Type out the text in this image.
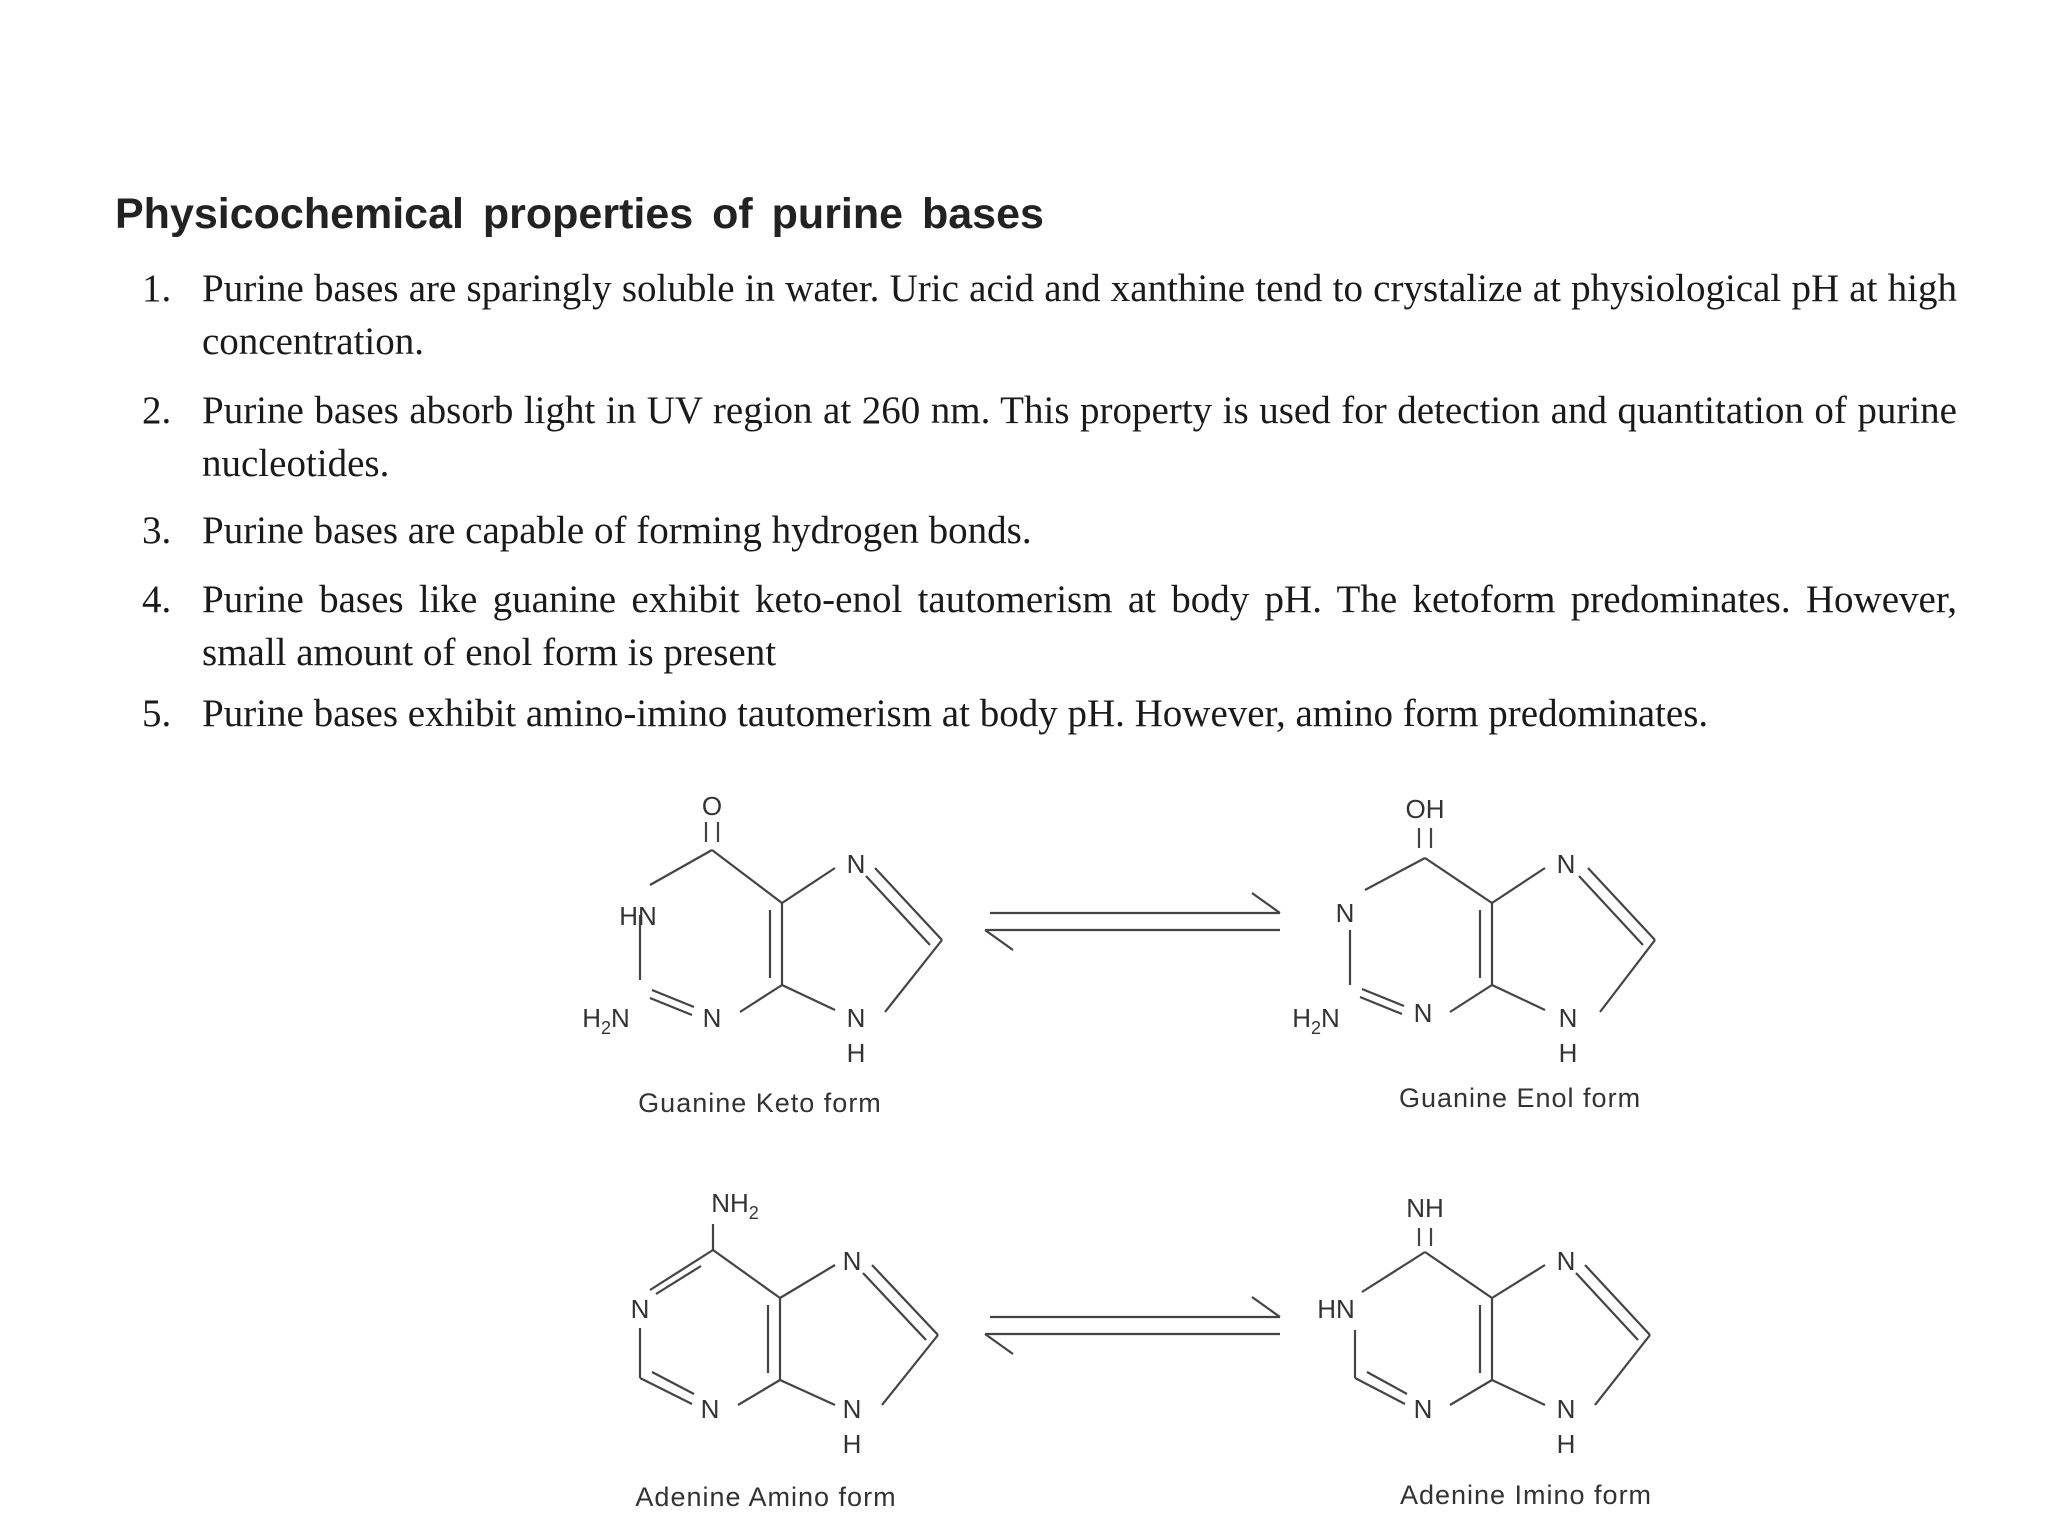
Physicochemical properties of purine bases
1. Purine bases are sparingly soluble in water. Uric acid and xanthine tend to crystalize at physiological pH at high concentration.
2. Purine bases absorb light in UV region at 260 nm. This property is used for detection and quantitation of purine nucleotides.
3. Purine bases are capable of forming hydrogen bonds.
4. Purine bases like guanine exhibit keto-enol tautomerism at body pH. The ketoform predominates. However, small amount of enol form is present
5. Purine bases exhibit amino-imino tautomerism at body pH. However, amino form predominates.
O
HN
N
$H_2N$	N	N
H
OH
N
N
$H_2N$	N	N
H
$NH_2$
N
N
N	N
H
NH
HN
N
N	N
H
Guanine Keto form	Guanine Enol form
Adenine Amino form	Adenine Imino form
